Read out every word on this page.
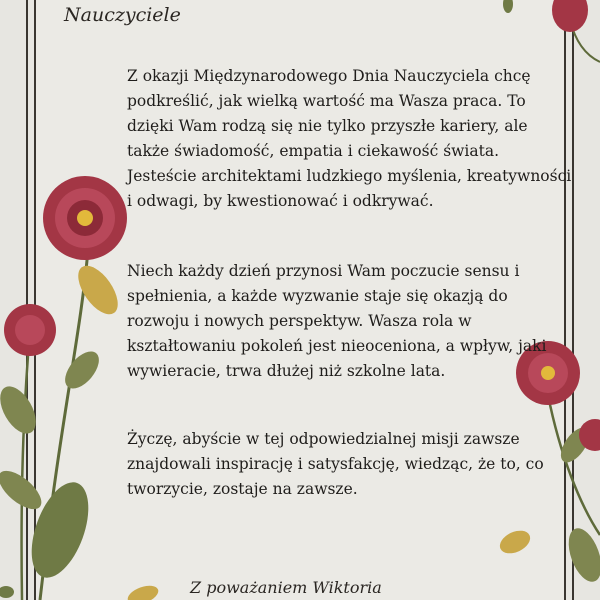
Nauczyciele

Z okazji Międzynarodowego Dnia Nauczyciela chcę podkreślić, jak wielką wartość ma Wasza praca. To dzięki Wam rodzą się nie tylko przyszłe kariery, ale także świadomość, empatia i ciekawość świata. Jesteście architektami ludzkiego myślenia, kreatywności i odwagi, by kwestionować i odkrywać.

Niech każdy dzień przynosi Wam poczucie sensu i spełnienia, a każde wyzwanie staje się okazją do rozwoju i nowych perspektyw. Wasza rola w kształtowaniu pokoleń jest nieoceniona, a wpływ, jaki wywieracie, trwa dłużej niż szkolne lata.

Życzę, abyście w tej odpowiedzialnej misji zawsze znajdowali inspirację i satysfakcję, wiedząc, że to, co tworzycie, zostaje na zawsze.

Z poważaniem Wiktoria
